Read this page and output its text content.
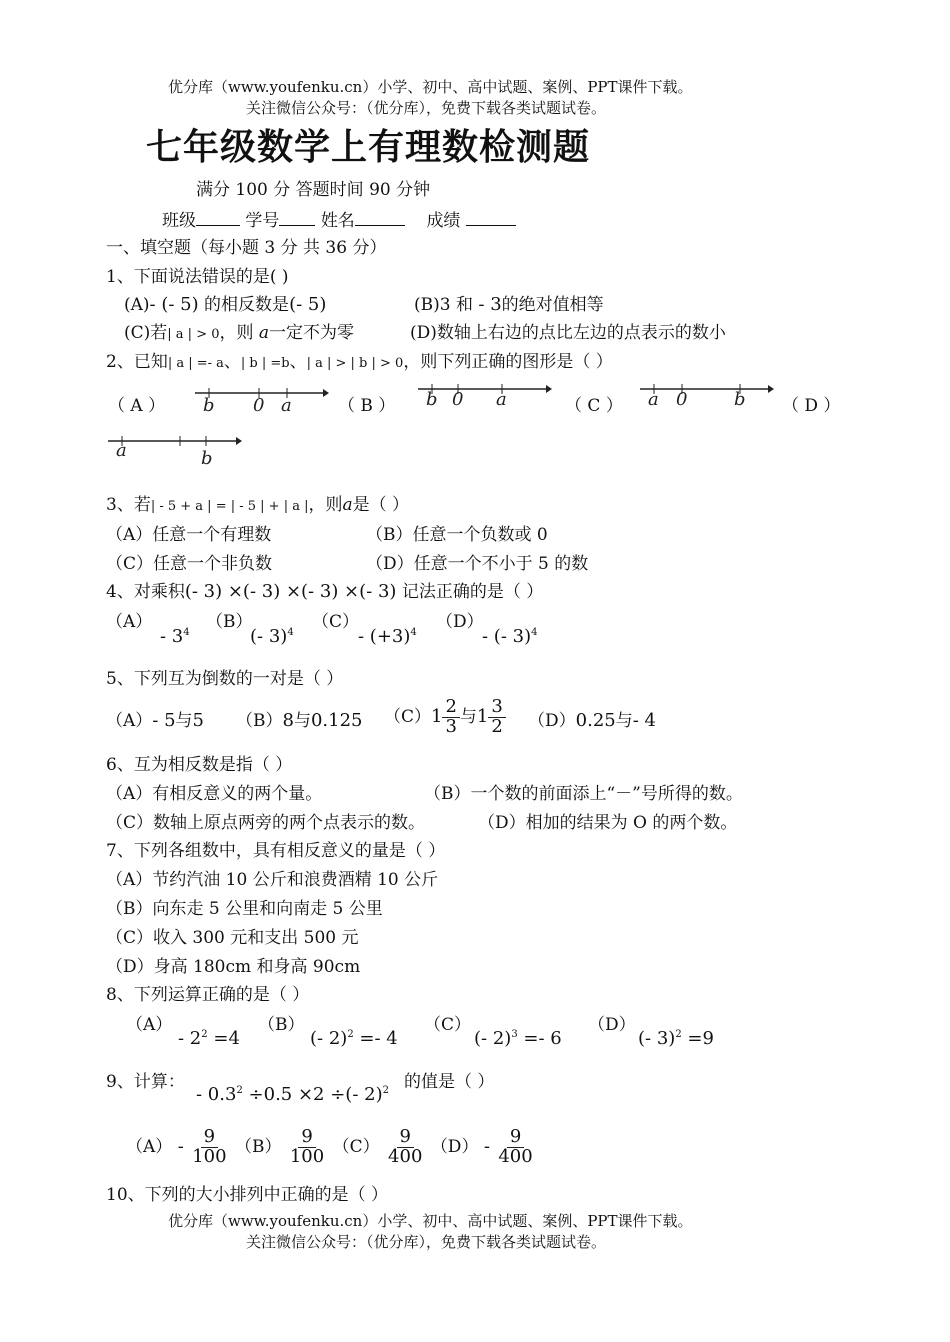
优分库（www.youfenku.cn）小学、初中、高中试题、案例、PPT课件下载。
关注微信公众号：（优分库），免费下载各类试题试卷。
七年级数学上有理数检测题
满分 100 分 答题时间 90 分钟
班级	学号 姓名	成绩
一、填空题（每小题 3 分 共 36 分）
1、下面说法错误的是( )
(A)- (- 5) 的相反数是(- 5)	(B)3 和 - 3的绝对值相等
(C)若| a | > 0，则 a一定不为零	(D)数轴上右边的点比左边的点表示的数小
2、已知| a | =- a、| b | =b、| a | > | b | > 0，则下列正确的图形是（ ）
（ A ） b 0 a	（ B ） b 0 a	（ C ） a 0	b （ D ）
a	b
3、若| - 5 + a | = | - 5 | + | a |，则a是（ ）
（A）任意一个有理数	（B）任意一个负数或 0
（C）任意一个非负数	（D）任意一个不小于 5 的数
4、对乘积(- 3) ×(- 3) ×(- 3) ×(- 3) 记法正确的是（ ）
（A）
- $3^4$
（B）
(- 3)$^4$
（C）
- $(+3)^4$
（D）
- (- 3)$^4$
5、下列互为倒数的一对是（ ）
（A）- 5与5 （B）8与0.125 $(C)1 \frac{2}{3}$ 与$1 \frac{3}{2} (D)0.25$与- 4
6、互为相反数是指（ ）
（A）有相反意义的两个量。	（B）一个数的前面添上“－”号所得的数。
（C）数轴上原点两旁的两个点表示的数。	（D）相加的结果为 O 的两个数。
7、下列各组数中，具有相反意义的量是（ ）
（A）节约汽油 10 公斤和浪费酒精 10 公斤
（B）向东走 5 公里和向南走 5 公里
（C）收入 300 元和支出 500 元
（D）身高 180cm 和身高 90cm
8、下列运算正确的是（ ）
（A）
- $2^2 =4$
（B）
(- 2)$^2$ =- 4
（C）
(- 2)$^3$ =- 6
（D）
(- 3)$^2$ =9
9、计算：
- $0.3^2 \div 0.5 \times 2$ ÷(- 2)$^2$ 的值是（ ）
$(A) - \frac{9}{100} (B) \frac{9}{100} (C) \frac{9}{400} (D) - \frac{9}{400}$
10、下列的大小排列中正确的是（ ）
优分库（www.youfenku.cn）小学、初中、高中试题、案例、PPT课件下载。
关注微信公众号：（优分库），免费下载各类试题试卷。
